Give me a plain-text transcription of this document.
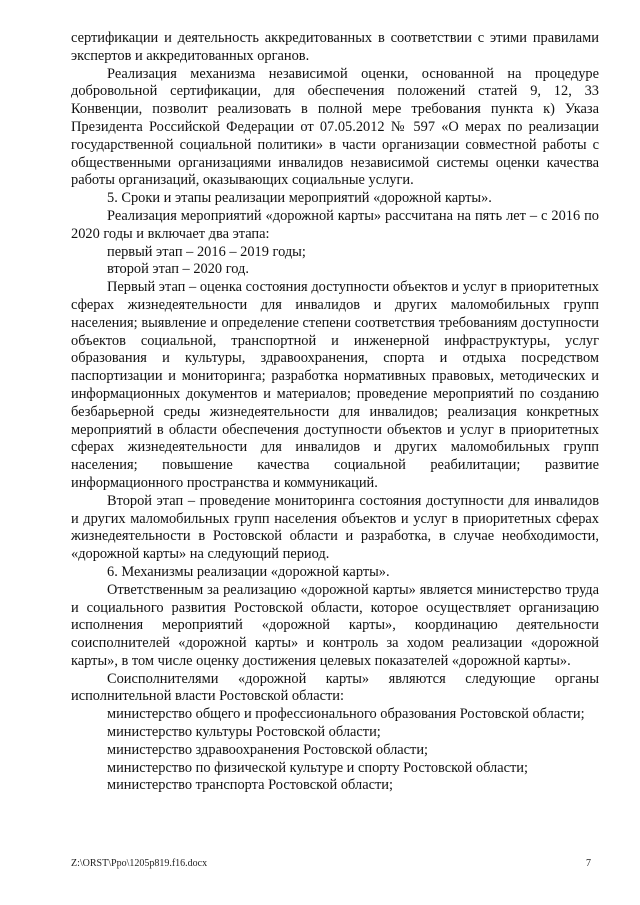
сертификации и деятельность аккредитованных в соответствии с этими правилами экспертов и аккредитованных органов.

Реализация механизма независимой оценки, основанной на процедуре добровольной сертификации, для обеспечения положений статей 9, 12, 33 Конвенции, позволит реализовать в полной мере требования пункта к) Указа Президента Российской Федерации от 07.05.2012 № 597 «О мерах по реализации государственной социальной политики» в части организации совместной работы с общественными организациями инвалидов независимой системы оценки качества работы организаций, оказывающих социальные услуги.

5. Сроки и этапы реализации мероприятий «дорожной карты».

Реализация мероприятий «дорожной карты» рассчитана на пять лет – с 2016 по 2020 годы и включает два этапа:

первый этап – 2016 – 2019 годы;

второй этап – 2020 год.

Первый этап – оценка состояния доступности объектов и услуг в приоритетных сферах жизнедеятельности для инвалидов и других маломобильных групп населения; выявление и определение степени соответствия требованиям доступности объектов социальной, транспортной и инженерной инфраструктуры, услуг образования и культуры, здравоохранения, спорта и отдыха посредством паспортизации и мониторинга; разработка нормативных правовых, методических и информационных документов и материалов; проведение мероприятий по созданию безбарьерной среды жизнедеятельности для инвалидов; реализация конкретных мероприятий в области обеспечения доступности объектов и услуг в приоритетных сферах жизнедеятельности для инвалидов и других маломобильных групп населения; повышение качества социальной реабилитации; развитие информационного пространства и коммуникаций.

Второй этап – проведение мониторинга состояния доступности для инвалидов и других маломобильных групп населения объектов и услуг в приоритетных сферах жизнедеятельности в Ростовской области и разработка, в случае необходимости, «дорожной карты» на следующий период.

6. Механизмы реализации «дорожной карты».

Ответственным за реализацию «дорожной карты» является министерство труда и социального развития Ростовской области, которое осуществляет организацию исполнения мероприятий «дорожной карты», координацию деятельности соисполнителей «дорожной карты» и контроль за ходом реализации «дорожной карты», в том числе оценку достижения целевых показателей «дорожной карты».

Соисполнителями «дорожной карты» являются следующие органы исполнительной власти Ростовской области:

министерство общего и профессионального образования Ростовской области;

министерство культуры Ростовской области;

министерство здравоохранения Ростовской области;

министерство по физической культуре и спорту Ростовской области;

министерство транспорта Ростовской области;

Z:\ORST\Ppo\1205p819.f16.docx	7
